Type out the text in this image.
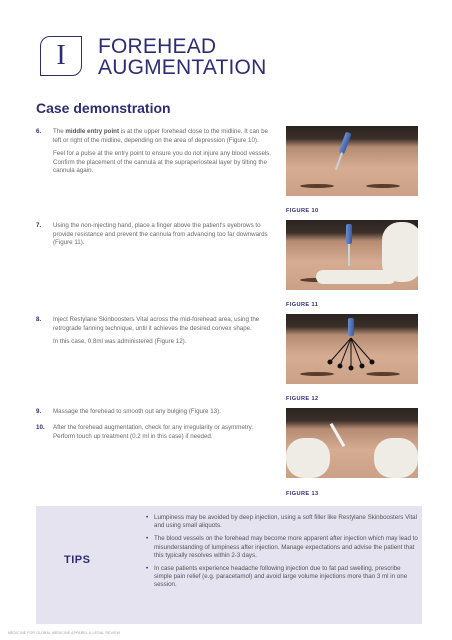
I	FOREHEAD
AUGMENTATION
Case demonstration
6. The middle entry point is at the upper forehead close to the midline. It can be left or right of the midline, depending on the area of depression (Figure 10).

Feel for a pulse at the entry point to ensure you do not injure any blood vessels. Confirm the placement of the cannula at the supraperiosteal layer by tilting the cannula again.

7. Using the non-injecting hand, place a finger above the patient's eyebrows to provide resistance and prevent the cannula from advancing too far downwards (Figure 11).

8. Inject Restylane Skinboosters Vital across the mid-forehead area, using the retrograde fanning technique, until it achieves the desired convex shape.

In this case, 0.8ml was administered (Figure 12).

9. Massage the forehead to smooth out any bulging (Figure 13).

10. After the forehead augmentation, check for any irregularity or asymmetry. Perform touch up treatment (0.2 ml in this case) if needed.

FIGURE 10
FIGURE 11
FIGURE 12
FIGURE 13
TIPS
• Lumpiness may be avoided by deep injection, using a soft filler like Restylane Skinboosters Vital and using small aliquots.
• The blood vessels on the forehead may become more apparent after injection which may lead to misunderstanding of lumpiness after injection. Manage expectations and advise the patient that this typically resolves within 2-3 days.
• In case patients experience headache following injection due to fat pad swelling, prescribe simple pain relief (e.g. paracetamol) and avoid large volume injections more than 3 ml in one session.
MEDICINE FOR GLOBAL MEDICINE APPAREL & LEGAL REVIEW
